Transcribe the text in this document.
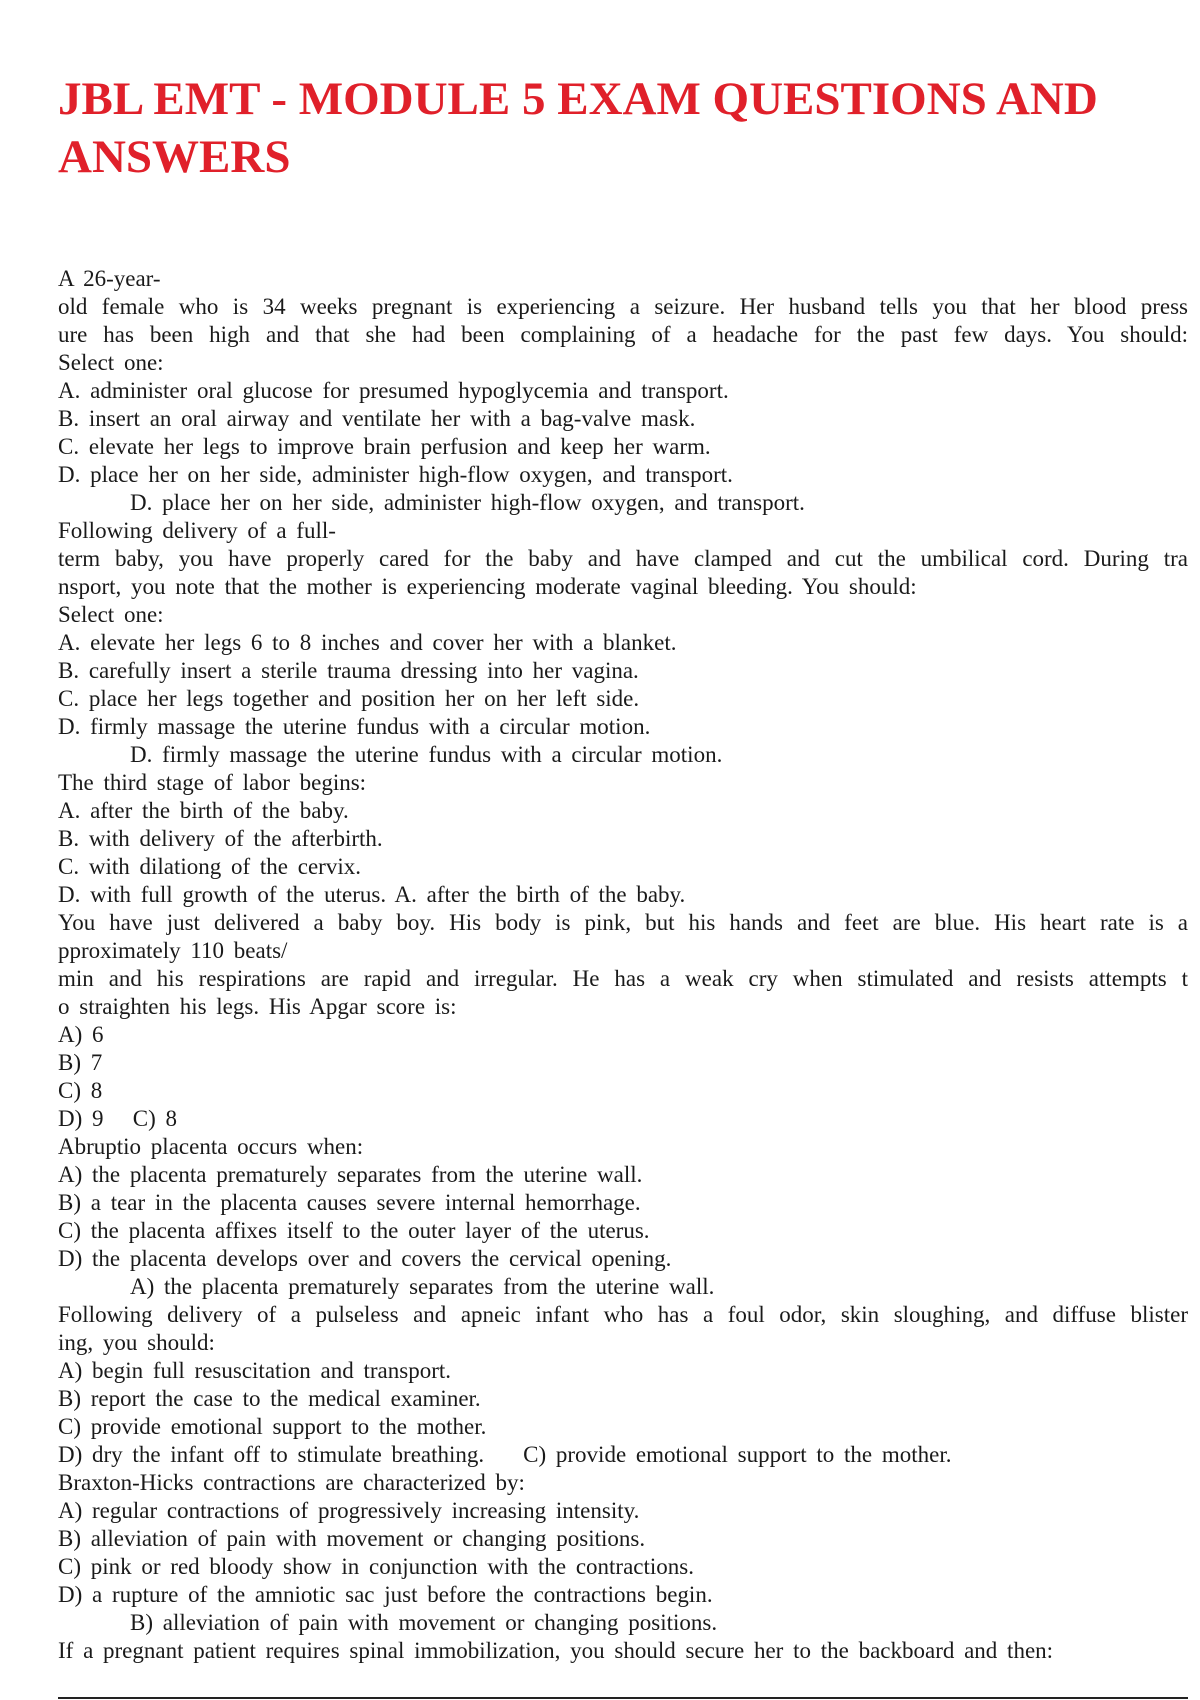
JBL EMT - MODULE 5 EXAM QUESTIONS AND ANSWERS
A 26-year-
old female who is 34 weeks pregnant is experiencing a seizure. Her husband tells you that her blood press
ure has been high and that she had been complaining of a headache for the past few days. You should:
Select one:
A. administer oral glucose for presumed hypoglycemia and transport.
B. insert an oral airway and ventilate her with a bag-valve mask.
C. elevate her legs to improve brain perfusion and keep her warm.
D. place her on her side, administer high-flow oxygen, and transport.
D. place her on her side, administer high-flow oxygen, and transport.
Following delivery of a full-
term baby, you have properly cared for the baby and have clamped and cut the umbilical cord. During tra
nsport, you note that the mother is experiencing moderate vaginal bleeding. You should:
Select one:
A. elevate her legs 6 to 8 inches and cover her with a blanket.
B. carefully insert a sterile trauma dressing into her vagina.
C. place her legs together and position her on her left side.
D. firmly massage the uterine fundus with a circular motion.
D. firmly massage the uterine fundus with a circular motion.
The third stage of labor begins:
A. after the birth of the baby.
B. with delivery of the afterbirth.
C. with dilationg of the cervix.
D. with full growth of the uterus. A. after the birth of the baby.
You have just delivered a baby boy. His body is pink, but his hands and feet are blue. His heart rate is a
pproximately 110 beats/
min and his respirations are rapid and irregular. He has a weak cry when stimulated and resists attempts t
o straighten his legs. His Apgar score is:
A) 6
B) 7
C) 8
D) 9   C) 8
Abruptio placenta occurs when:
A) the placenta prematurely separates from the uterine wall.
B) a tear in the placenta causes severe internal hemorrhage.
C) the placenta affixes itself to the outer layer of the uterus.
D) the placenta develops over and covers the cervical opening.
A) the placenta prematurely separates from the uterine wall.
Following delivery of a pulseless and apneic infant who has a foul odor, skin sloughing, and diffuse blister
ing, you should:
A) begin full resuscitation and transport.
B) report the case to the medical examiner.
C) provide emotional support to the mother.
D) dry the infant off to stimulate breathing.    C) provide emotional support to the mother.
Braxton-Hicks contractions are characterized by:
A) regular contractions of progressively increasing intensity.
B) alleviation of pain with movement or changing positions.
C) pink or red bloody show in conjunction with the contractions.
D) a rupture of the amniotic sac just before the contractions begin.
B) alleviation of pain with movement or changing positions.
If a pregnant patient requires spinal immobilization, you should secure her to the backboard and then:
